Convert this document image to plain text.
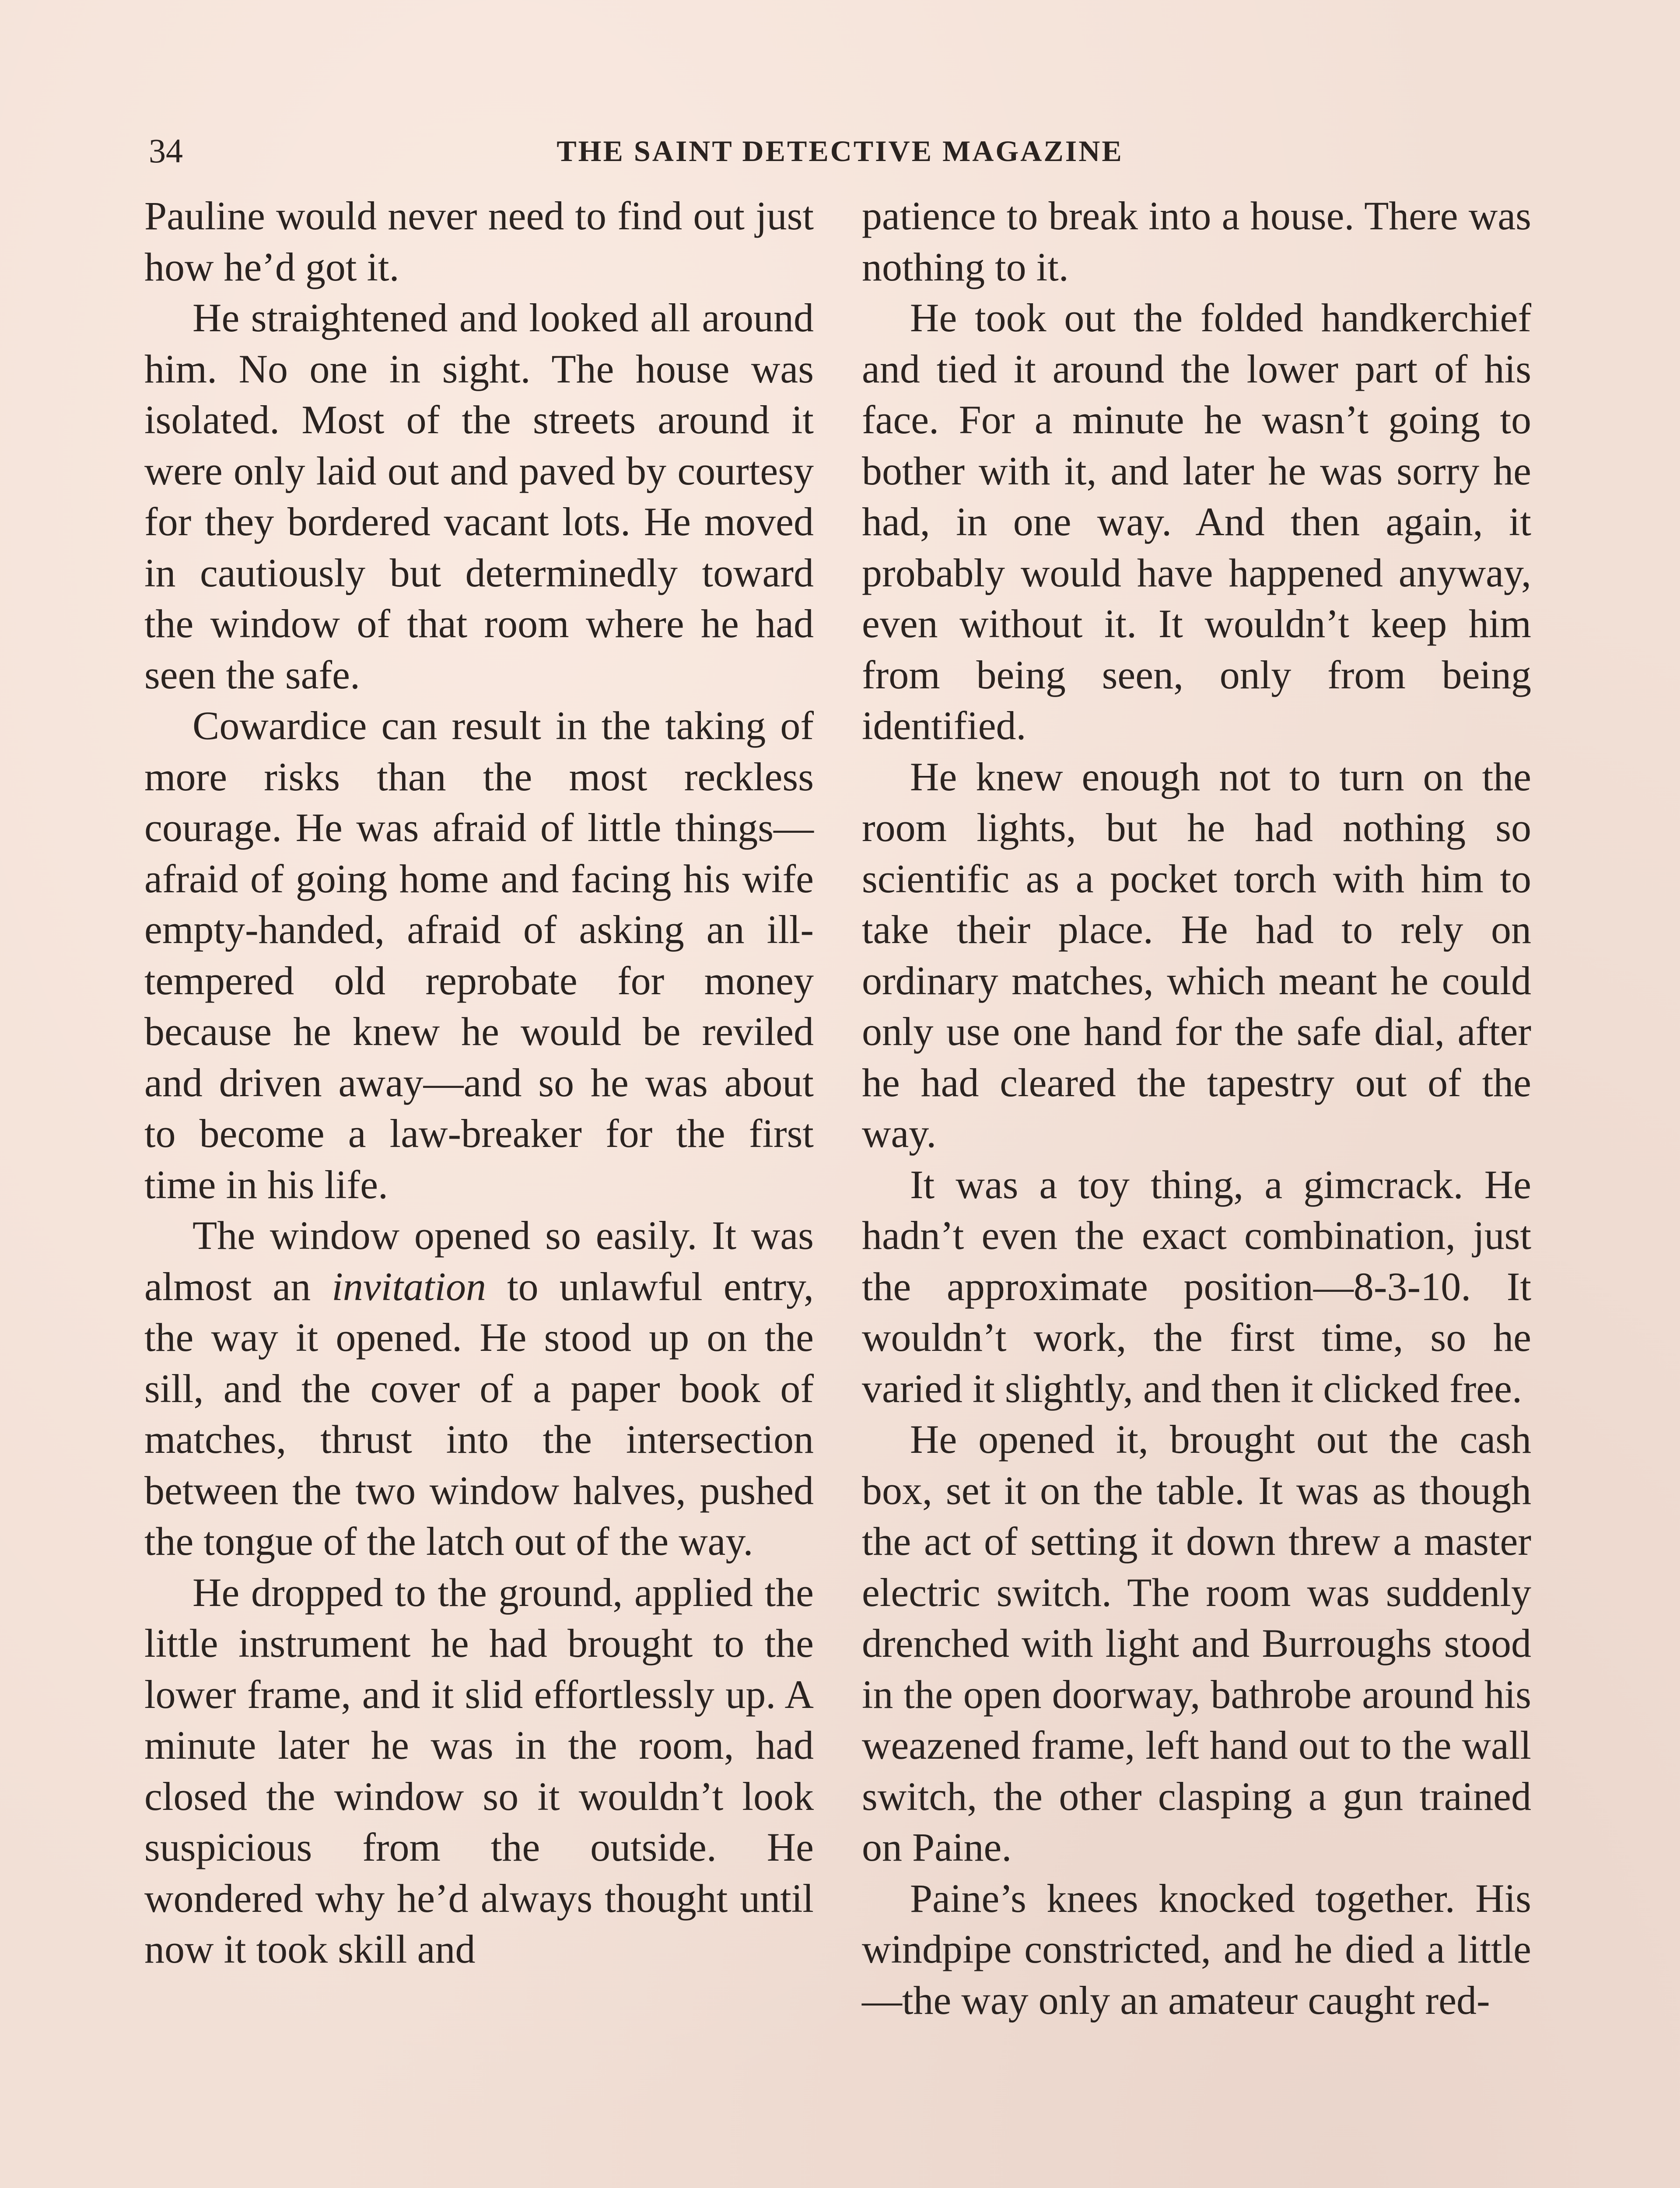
34	THE SAINT DETECTIVE MAGAZINE

Pauline would never need to find out just how he’d got it.

He straightened and looked all around him. No one in sight. The house was isolated. Most of the streets around it were only laid out and paved by courtesy for they bordered vacant lots. He moved in cautiously but determinedly toward the window of that room where he had seen the safe.

Cowardice can result in the taking of more risks than the most reckless courage. He was afraid of little things—afraid of going home and facing his wife empty-handed, afraid of asking an ill-tempered old reprobate for money because he knew he would be reviled and driven away—and so he was about to become a law-breaker for the first time in his life.

The window opened so easily. It was almost an invitation to unlawful entry, the way it opened. He stood up on the sill, and the cover of a paper book of matches, thrust into the intersection between the two window halves, pushed the tongue of the latch out of the way.

He dropped to the ground, applied the little instrument he had brought to the lower frame, and it slid effortlessly up. A minute later he was in the room, had closed the window so it wouldn’t look suspicious from the outside. He wondered why he’d always thought until now it took skill and

patience to break into a house. There was nothing to it.

He took out the folded handkerchief and tied it around the lower part of his face. For a minute he wasn’t going to bother with it, and later he was sorry he had, in one way. And then again, it probably would have happened anyway, even without it. It wouldn’t keep him from being seen, only from being identified.

He knew enough not to turn on the room lights, but he had nothing so scientific as a pocket torch with him to take their place. He had to rely on ordinary matches, which meant he could only use one hand for the safe dial, after he had cleared the tapestry out of the way.

It was a toy thing, a gimcrack. He hadn’t even the exact combination, just the approximate position—8-3-10. It wouldn’t work, the first time, so he varied it slightly, and then it clicked free.

He opened it, brought out the cash box, set it on the table. It was as though the act of setting it down threw a master electric switch. The room was suddenly drenched with light and Burroughs stood in the open doorway, bathrobe around his weazened frame, left hand out to the wall switch, the other clasping a gun trained on Paine.

Paine’s knees knocked together. His windpipe constricted, and he died a little—the way only an amateur caught red-
